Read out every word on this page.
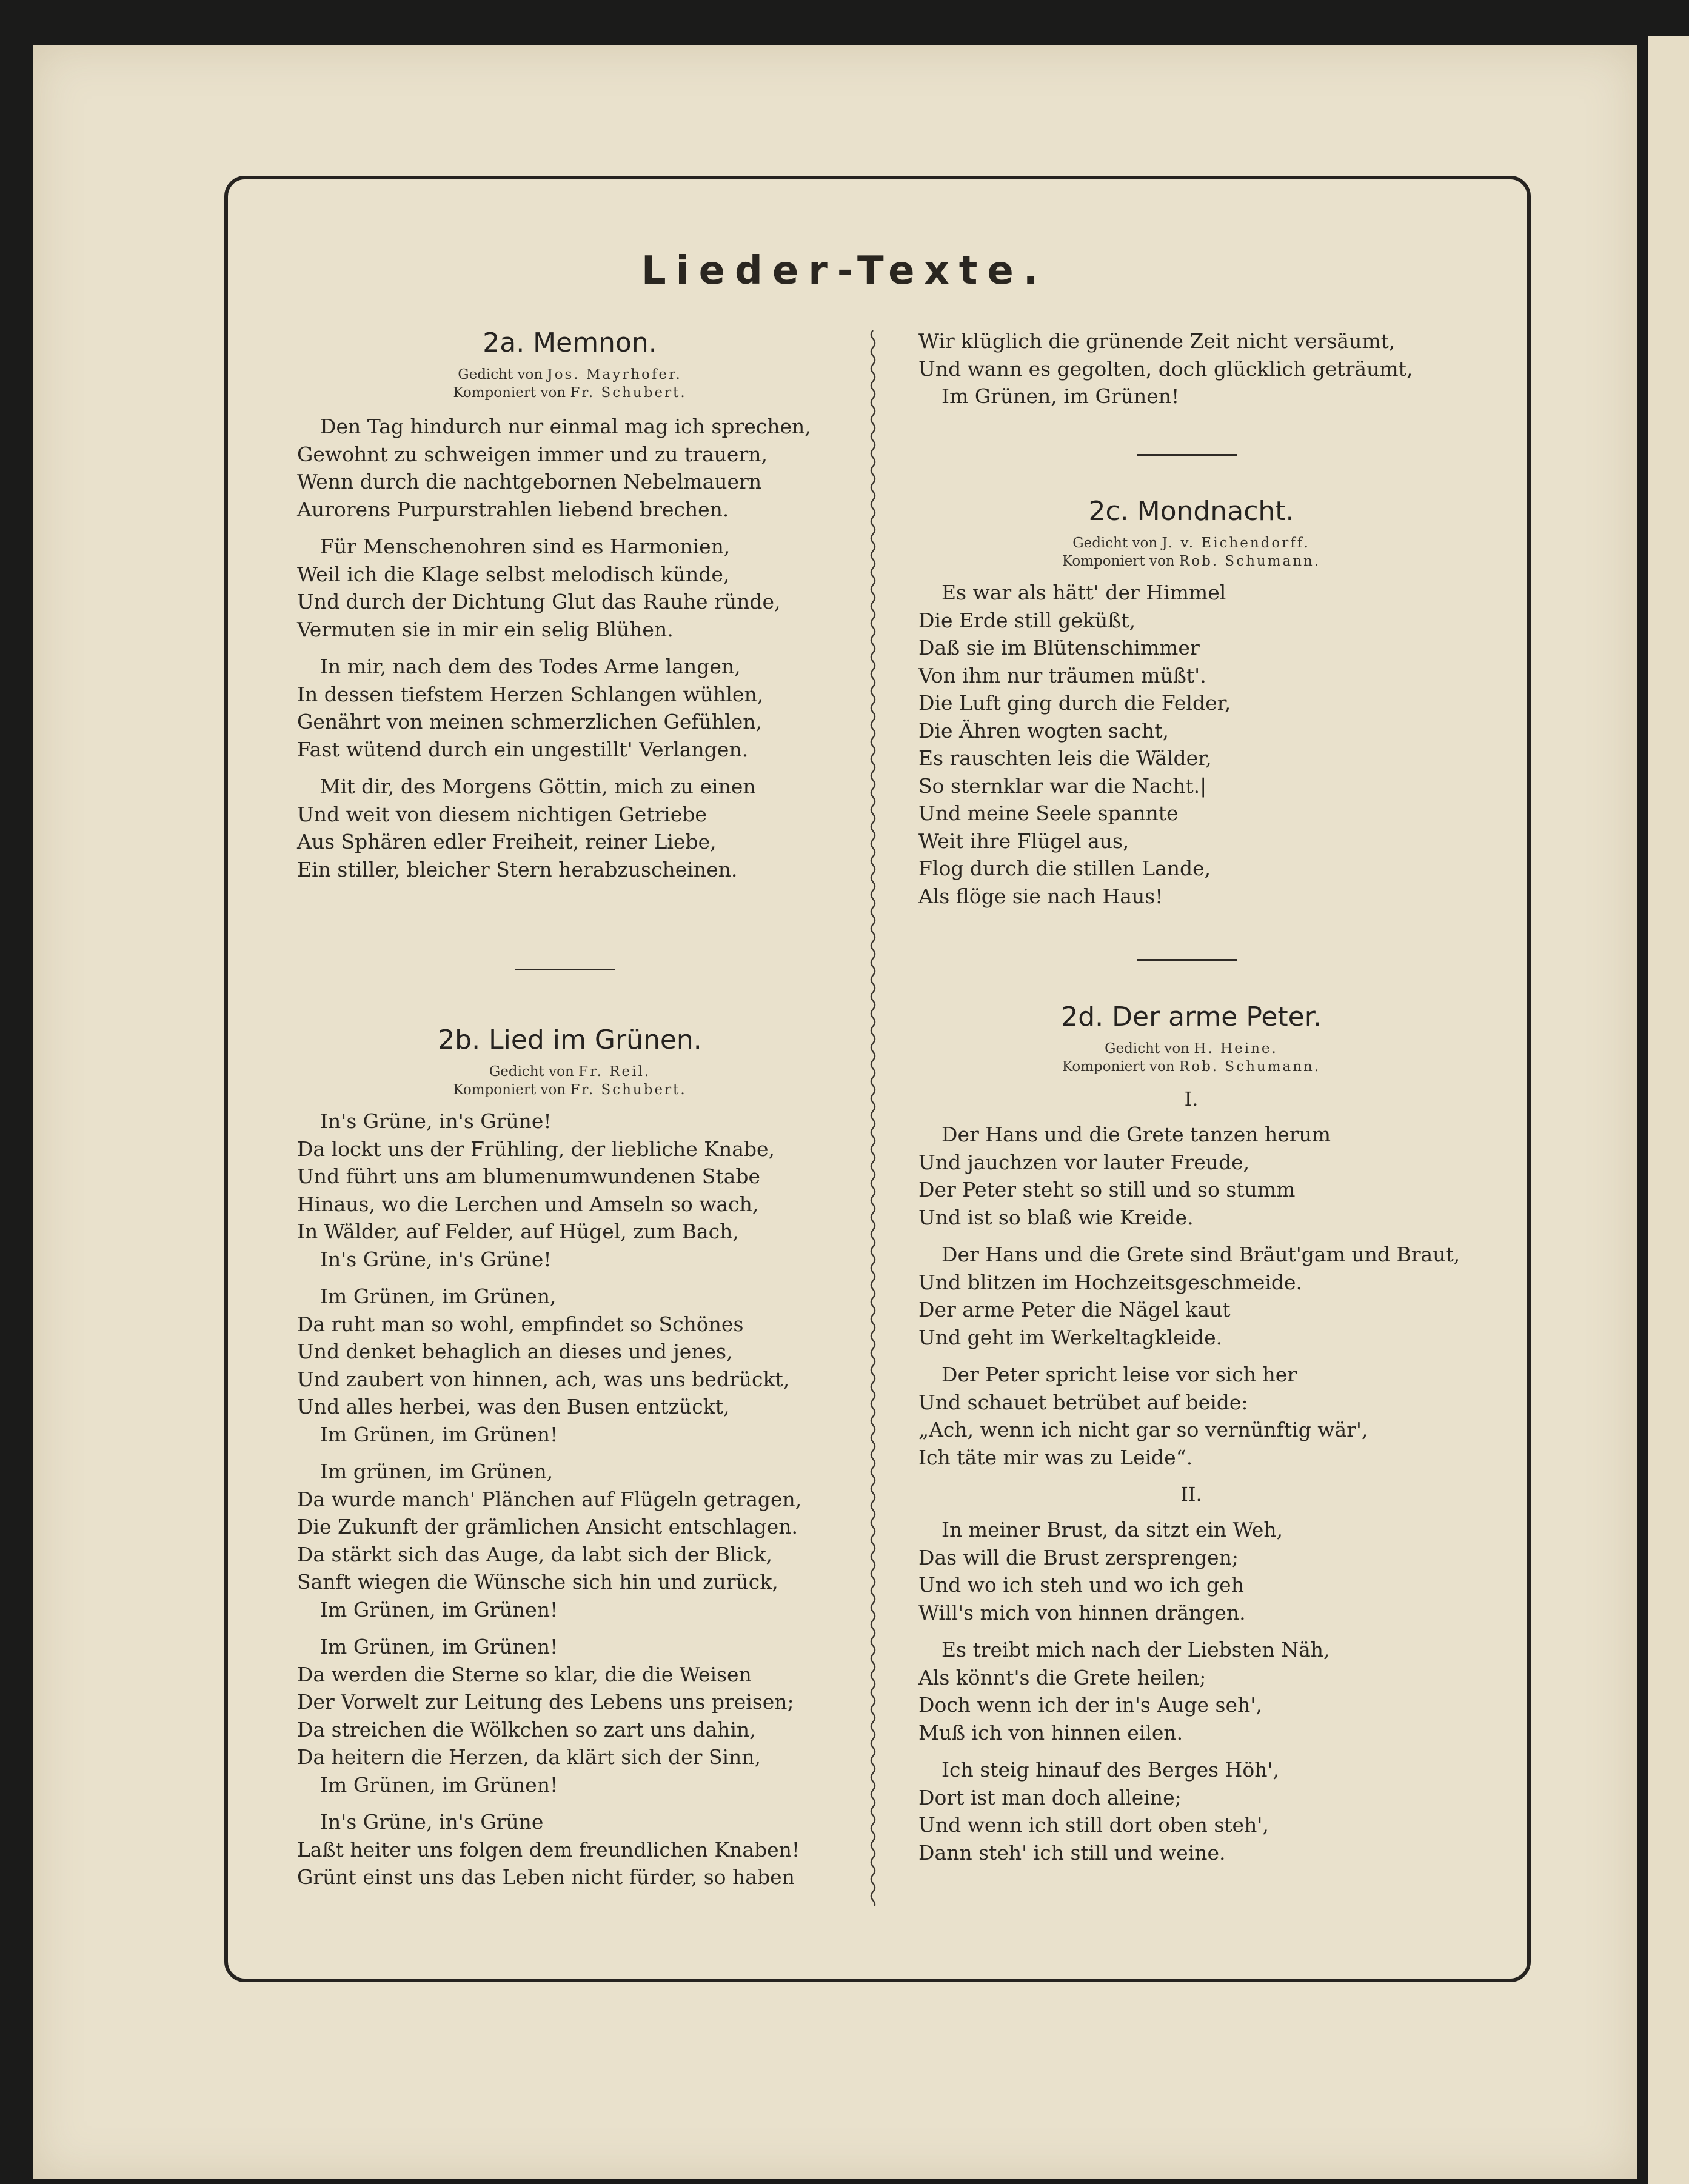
Lieder-Texte.
2a. Memnon.

Gedicht von Jos. Mayrhofer.

Komponiert von Fr. Schubert.

Den Tag hindurch nur einmal mag ich sprechen,
Gewohnt zu schweigen immer und zu trauern,
Wenn durch die nachtgebornen Nebelmauern
Aurorens Purpurstrahlen liebend brechen.
Für Menschenohren sind es Harmonien,
Weil ich die Klage selbst melodisch künde,
Und durch der Dichtung Glut das Rauhe ründe,
Vermuten sie in mir ein selig Blühen.
In mir, nach dem des Todes Arme langen,
In dessen tiefstem Herzen Schlangen wühlen,
Genährt von meinen schmerzlichen Gefühlen,
Fast wütend durch ein ungestillt' Verlangen.
Mit dir, des Morgens Göttin, mich zu einen
Und weit von diesem nichtigen Getriebe
Aus Sphären edler Freiheit, reiner Liebe,
Ein stiller, bleicher Stern herabzuscheinen.
2b. Lied im Grünen.

Gedicht von Fr. Reil.

Komponiert von Fr. Schubert.

In's Grüne, in's Grüne!
Da lockt uns der Frühling, der liebliche Knabe,
Und führt uns am blumenumwundenen Stabe
Hinaus, wo die Lerchen und Amseln so wach,
In Wälder, auf Felder, auf Hügel, zum Bach,
In's Grüne, in's Grüne!
Im Grünen, im Grünen,
Da ruht man so wohl, empfindet so Schönes
Und denket behaglich an dieses und jenes,
Und zaubert von hinnen, ach, was uns bedrückt,
Und alles herbei, was den Busen entzückt,
Im Grünen, im Grünen!
Im grünen, im Grünen,
Da wurde manch' Plänchen auf Flügeln getragen,
Die Zukunft der grämlichen Ansicht entschlagen.
Da stärkt sich das Auge, da labt sich der Blick,
Sanft wiegen die Wünsche sich hin und zurück,
Im Grünen, im Grünen!
Im Grünen, im Grünen!
Da werden die Sterne so klar, die die Weisen
Der Vorwelt zur Leitung des Lebens uns preisen;
Da streichen die Wölkchen so zart uns dahin,
Da heitern die Herzen, da klärt sich der Sinn,
Im Grünen, im Grünen!
In's Grüne, in's Grüne
Laßt heiter uns folgen dem freundlichen Knaben!
Grünt einst uns das Leben nicht fürder, so haben
Wir klüglich die grünende Zeit nicht versäumt,
Und wann es gegolten, doch glücklich geträumt,
Im Grünen, im Grünen!
2c. Mondnacht.

Gedicht von J. v. Eichendorff.

Komponiert von Rob. Schumann.

Es war als hätt' der Himmel
Die Erde still geküßt,
Daß sie im Blütenschimmer
Von ihm nur träumen müßt'.
Die Luft ging durch die Felder,
Die Ähren wogten sacht,
Es rauschten leis die Wälder,
So sternklar war die Nacht.|
Und meine Seele spannte
Weit ihre Flügel aus,
Flog durch die stillen Lande,
Als flöge sie nach Haus!
2d. Der arme Peter.

Gedicht von H. Heine.

Komponiert von Rob. Schumann.

I.
Der Hans und die Grete tanzen herum
Und jauchzen vor lauter Freude,
Der Peter steht so still und so stumm
Und ist so blaß wie Kreide.
Der Hans und die Grete sind Bräut'gam und Braut,
Und blitzen im Hochzeitsgeschmeide.
Der arme Peter die Nägel kaut
Und geht im Werkeltagkleide.
Der Peter spricht leise vor sich her
Und schauet betrübet auf beide:
„Ach, wenn ich nicht gar so vernünftig wär',
Ich täte mir was zu Leide“.
II.
In meiner Brust, da sitzt ein Weh,
Das will die Brust zersprengen;
Und wo ich steh und wo ich geh
Will's mich von hinnen drängen.
Es treibt mich nach der Liebsten Näh,
Als könnt's die Grete heilen;
Doch wenn ich der in's Auge seh',
Muß ich von hinnen eilen.
Ich steig hinauf des Berges Höh',
Dort ist man doch alleine;
Und wenn ich still dort oben steh',
Dann steh' ich still und weine.
